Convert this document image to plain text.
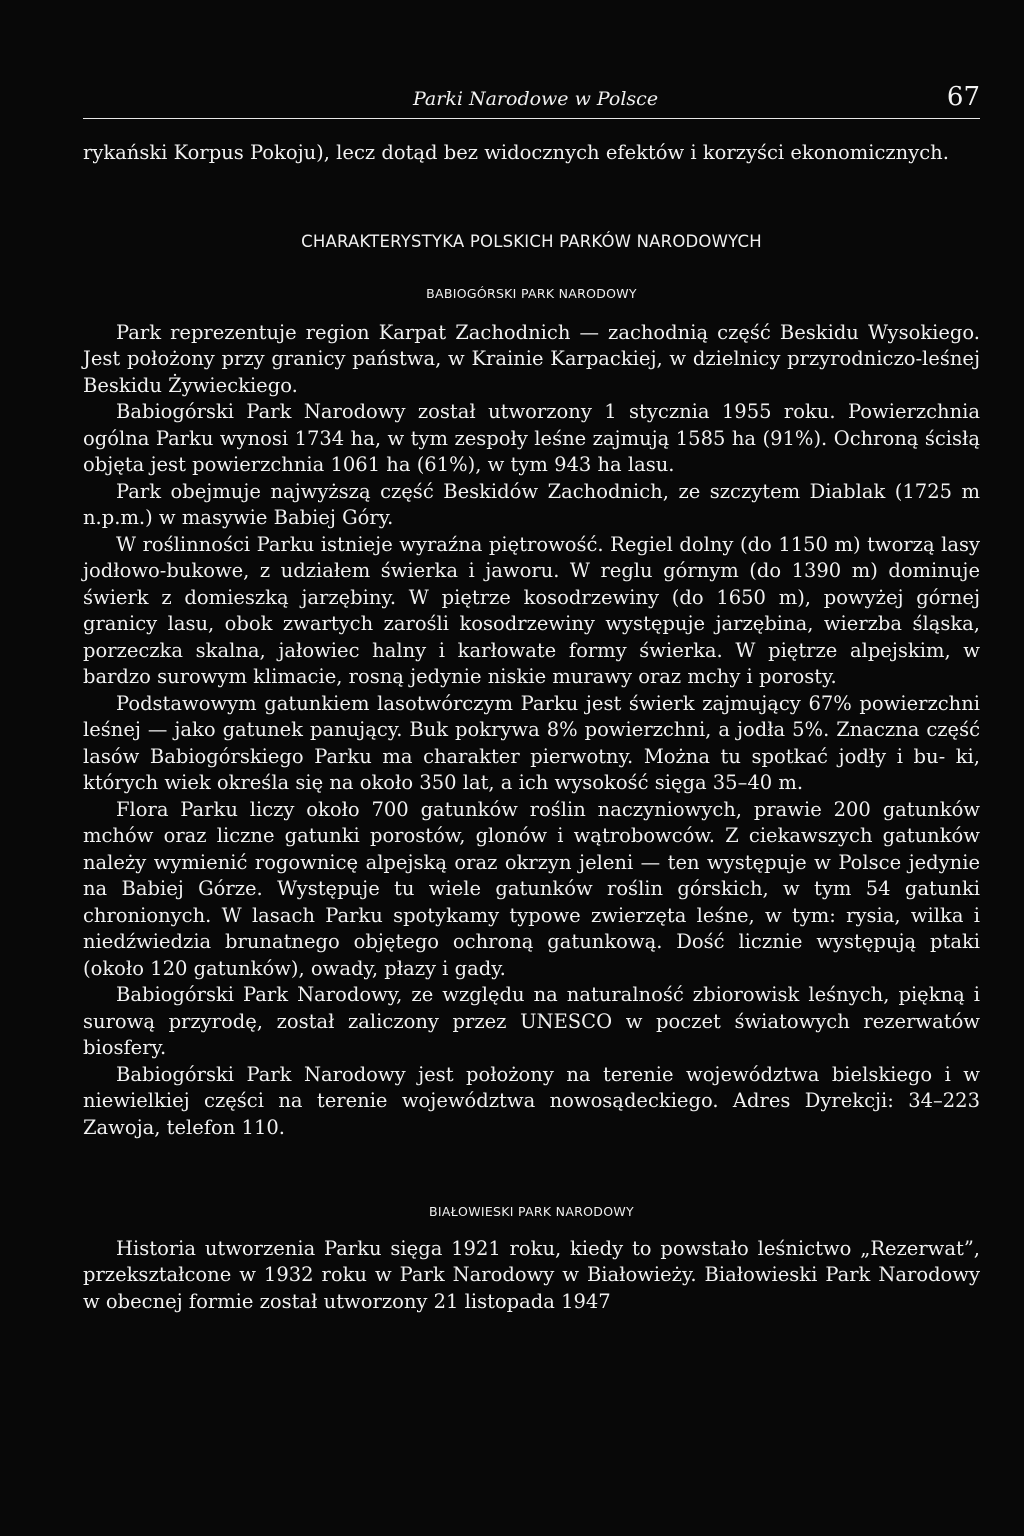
Parki Narodowe w Polsce	67

rykański Korpus Pokoju), lecz dotąd bez widocznych efektów i korzyści ekonomicznych.

CHARAKTERYSTYKA POLSKICH PARKÓW NARODOWYCH
BABIOGÓRSKI PARK NARODOWY

Park reprezentuje region Karpat Zachodnich — zachodnią część Beskidu Wysokiego. Jest położony przy granicy państwa, w Krainie Karpackiej, w dzielnicy przyrodniczo-leśnej Beskidu Żywieckiego.

Babiogórski Park Narodowy został utworzony 1 stycznia 1955 roku. Powierzchnia ogólna Parku wynosi 1734 ha, w tym zespoły leśne zajmują 1585 ha (91%). Ochroną ścisłą objęta jest powierzchnia 1061 ha (61%), w tym 943 ha lasu.

Park obejmuje najwyższą część Beskidów Zachodnich, ze szczytem Diablak (1725 m n.p.m.) w masywie Babiej Góry.

W roślinności Parku istnieje wyraźna piętrowość. Regiel dolny (do 1150 m) tworzą lasy jodłowo-bukowe, z udziałem świerka i jaworu. W reglu górnym (do 1390 m) dominuje świerk z domieszką jarzębiny. W piętrze kosodrzewiny (do 1650 m), powyżej górnej granicy lasu, obok zwartych zarośli kosodrzewiny występuje jarzębina, wierzba śląska, porzeczka skalna, jałowiec halny i karłowate formy świerka. W piętrze alpejskim, w bardzo surowym klimacie, rosną jedynie niskie murawy oraz mchy i porosty.

Podstawowym gatunkiem lasotwórczym Parku jest świerk zajmujący 67% powierzchni leśnej — jako gatunek panujący. Buk pokrywa 8% powierzchni, a jodła 5%. Znaczna część lasów Babiogórskiego Parku ma charakter pierwotny. Można tu spotkać jodły i bu- ki, których wiek określa się na około 350 lat, a ich wysokość sięga 35–40 m.

Flora Parku liczy około 700 gatunków roślin naczyniowych, prawie 200 gatunków mchów oraz liczne gatunki porostów, glonów i wątrobowców. Z ciekawszych gatunków należy wymienić rogownicę alpejską oraz okrzyn jeleni — ten występuje w Polsce jedynie na Babiej Górze. Występuje tu wiele gatunków roślin górskich, w tym 54 gatunki chronionych. W lasach Parku spotykamy typowe zwierzęta leśne, w tym: rysia, wilka i niedźwiedzia brunatnego objętego ochroną gatunkową. Dość licznie występują ptaki (około 120 gatunków), owady, płazy i gady.

Babiogórski Park Narodowy, ze względu na naturalność zbiorowisk leśnych, piękną i surową przyrodę, został zaliczony przez UNESCO w poczet światowych rezerwatów biosfery.

Babiogórski Park Narodowy jest położony na terenie województwa bielskiego i w niewielkiej części na terenie województwa nowosądeckiego. Adres Dyrekcji: 34–223 Zawoja, telefon 110.

BIAŁOWIESKI PARK NARODOWY

Historia utworzenia Parku sięga 1921 roku, kiedy to powstało leśnictwo „Rezerwat”, przekształcone w 1932 roku w Park Narodowy w Białowieży. Białowieski Park Narodowy w obecnej formie został utworzony 21 listopada 1947
